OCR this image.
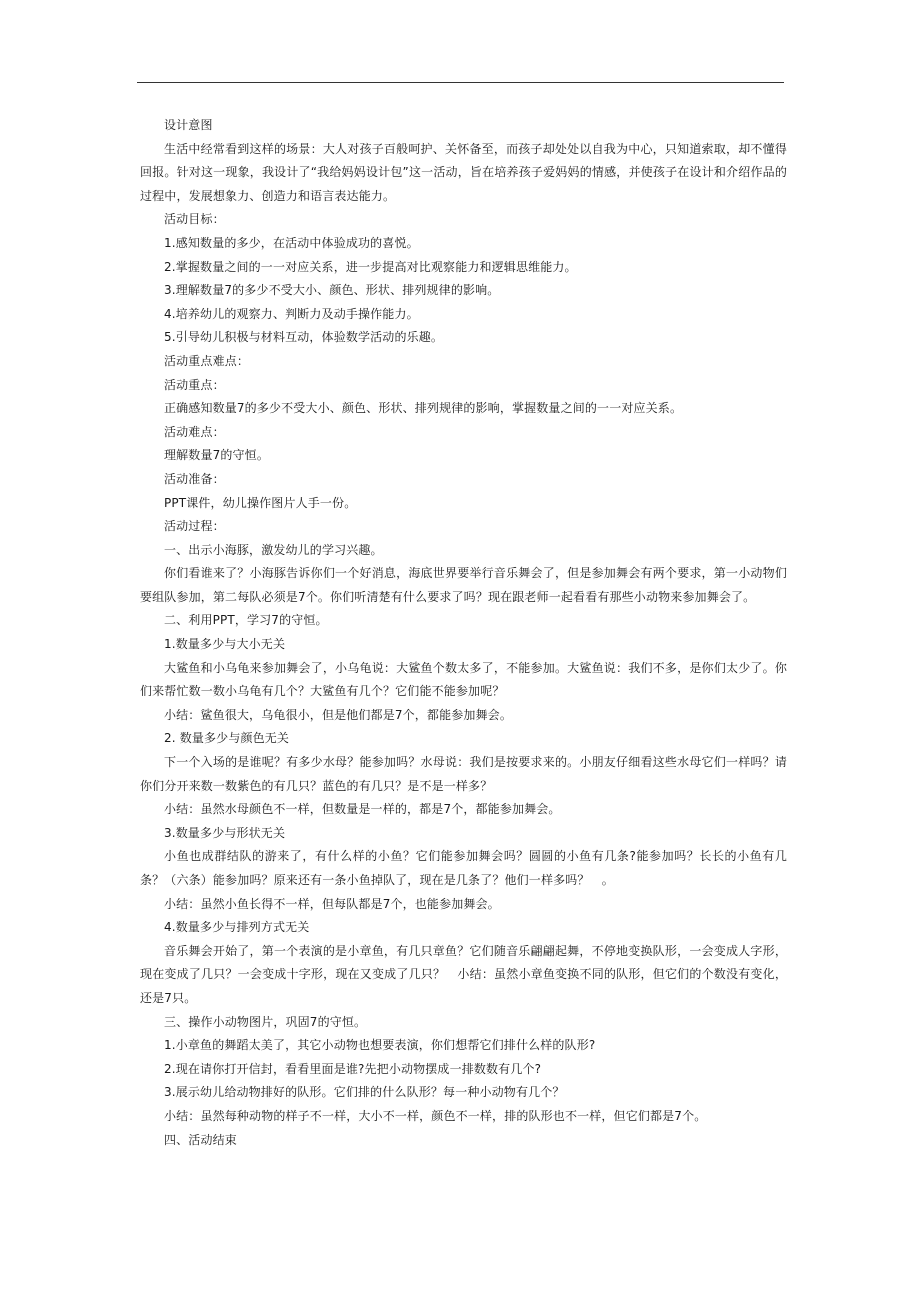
设计意图

生活中经常看到这样的场景：大人对孩子百般呵护、关怀备至，而孩子却处处以自我为中心，只知道索取，却不懂得回报。针对这一现象，我设计了“我给妈妈设计包”这一活动，旨在培养孩子爱妈妈的情感，并使孩子在设计和介绍作品的过程中，发展想象力、创造力和语言表达能力。

活动目标：

1.感知数量的多少，在活动中体验成功的喜悦。

2.掌握数量之间的一一对应关系，进一步提高对比观察能力和逻辑思维能力。

3.理解数量7的多少不受大小、颜色、形状、排列规律的影响。

4.培养幼儿的观察力、判断力及动手操作能力。

5.引导幼儿积极与材料互动，体验数学活动的乐趣。

活动重点难点：

活动重点：

正确感知数量7的多少不受大小、颜色、形状、排列规律的影响，掌握数量之间的一一对应关系。

活动难点：

理解数量7的守恒。

活动准备：

PPT课件，幼儿操作图片人手一份。

活动过程：

一、出示小海豚，激发幼儿的学习兴趣。

你们看谁来了？小海豚告诉你们一个好消息，海底世界要举行音乐舞会了，但是参加舞会有两个要求，第一小动物们要组队参加，第二每队必须是7个。你们听清楚有什么要求了吗？现在跟老师一起看看有那些小动物来参加舞会了。

二、利用PPT，学习7的守恒。

1.数量多少与大小无关

大鲨鱼和小乌龟来参加舞会了，小乌龟说：大鲨鱼个数太多了，不能参加。大鲨鱼说：我们不多，是你们太少了。你们来帮忙数一数小乌龟有几个？大鲨鱼有几个？它们能不能参加呢？

小结：鲨鱼很大，乌龟很小，但是他们都是7个，都能参加舞会。

2. 数量多少与颜色无关

下一个入场的是谁呢？有多少水母？能参加吗？水母说：我们是按要求来的。小朋友仔细看这些水母它们一样吗？请你们分开来数一数紫色的有几只？蓝色的有几只？是不是一样多？

小结：虽然水母颜色不一样，但数量是一样的，都是7个，都能参加舞会。

3.数量多少与形状无关

小鱼也成群结队的游来了，有什么样的小鱼？它们能参加舞会吗？圆圆的小鱼有几条?能参加吗？长长的小鱼有几条？（六条）能参加吗？原来还有一条小鱼掉队了，现在是几条了？他们一样多吗？　。

小结：虽然小鱼长得不一样，但每队都是7个，也能参加舞会。

4.数量多少与排列方式无关

音乐舞会开始了，第一个表演的是小章鱼，有几只章鱼？它们随音乐翩翩起舞，不停地变换队形，一会变成人字形，现在变成了几只？一会变成十字形，现在又变成了几只？　小结：虽然小章鱼变换不同的队形，但它们的个数没有变化，还是7只。

三、操作小动物图片，巩固7的守恒。

1.小章鱼的舞蹈太美了，其它小动物也想要表演，你们想帮它们排什么样的队形?

2.现在请你打开信封，看看里面是谁?先把小动物摆成一排数数有几个?

3.展示幼儿给动物排好的队形。它们排的什么队形？每一种小动物有几个？

小结：虽然每种动物的样子不一样，大小不一样，颜色不一样，排的队形也不一样，但它们都是7个。

四、活动结束
